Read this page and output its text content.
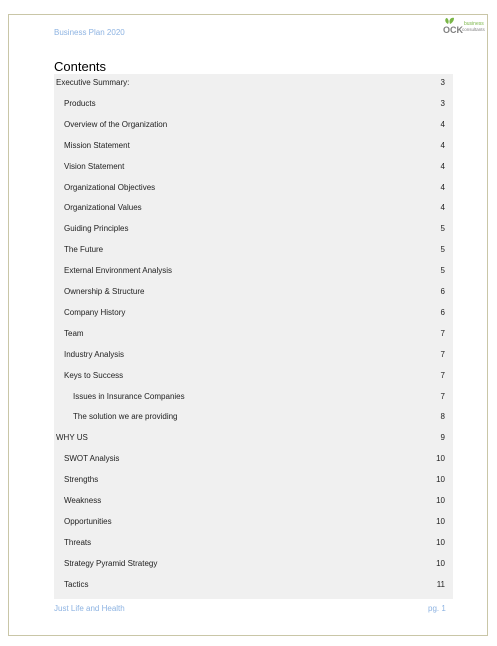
Business Plan 2020	OCK
business
consultants
Contents
Executive Summary:	3
Products	3
Overview of the Organization	4
Mission Statement	4
Vision Statement	4
Organizational Objectives	4
Organizational Values	4
Guiding Principles	5
The Future	5
External Environment Analysis	5
Ownership & Structure	6
Company History	6
Team	7
Industry Analysis	7
Keys to Success	7
Issues in Insurance Companies	7
The solution we are providing	8
WHY US	9
SWOT Analysis	10
Strengths	10
Weakness	10
Opportunities	10
Threats	10
Strategy Pyramid Strategy	10
Tactics	11
Just Life and Health	pg. 1
